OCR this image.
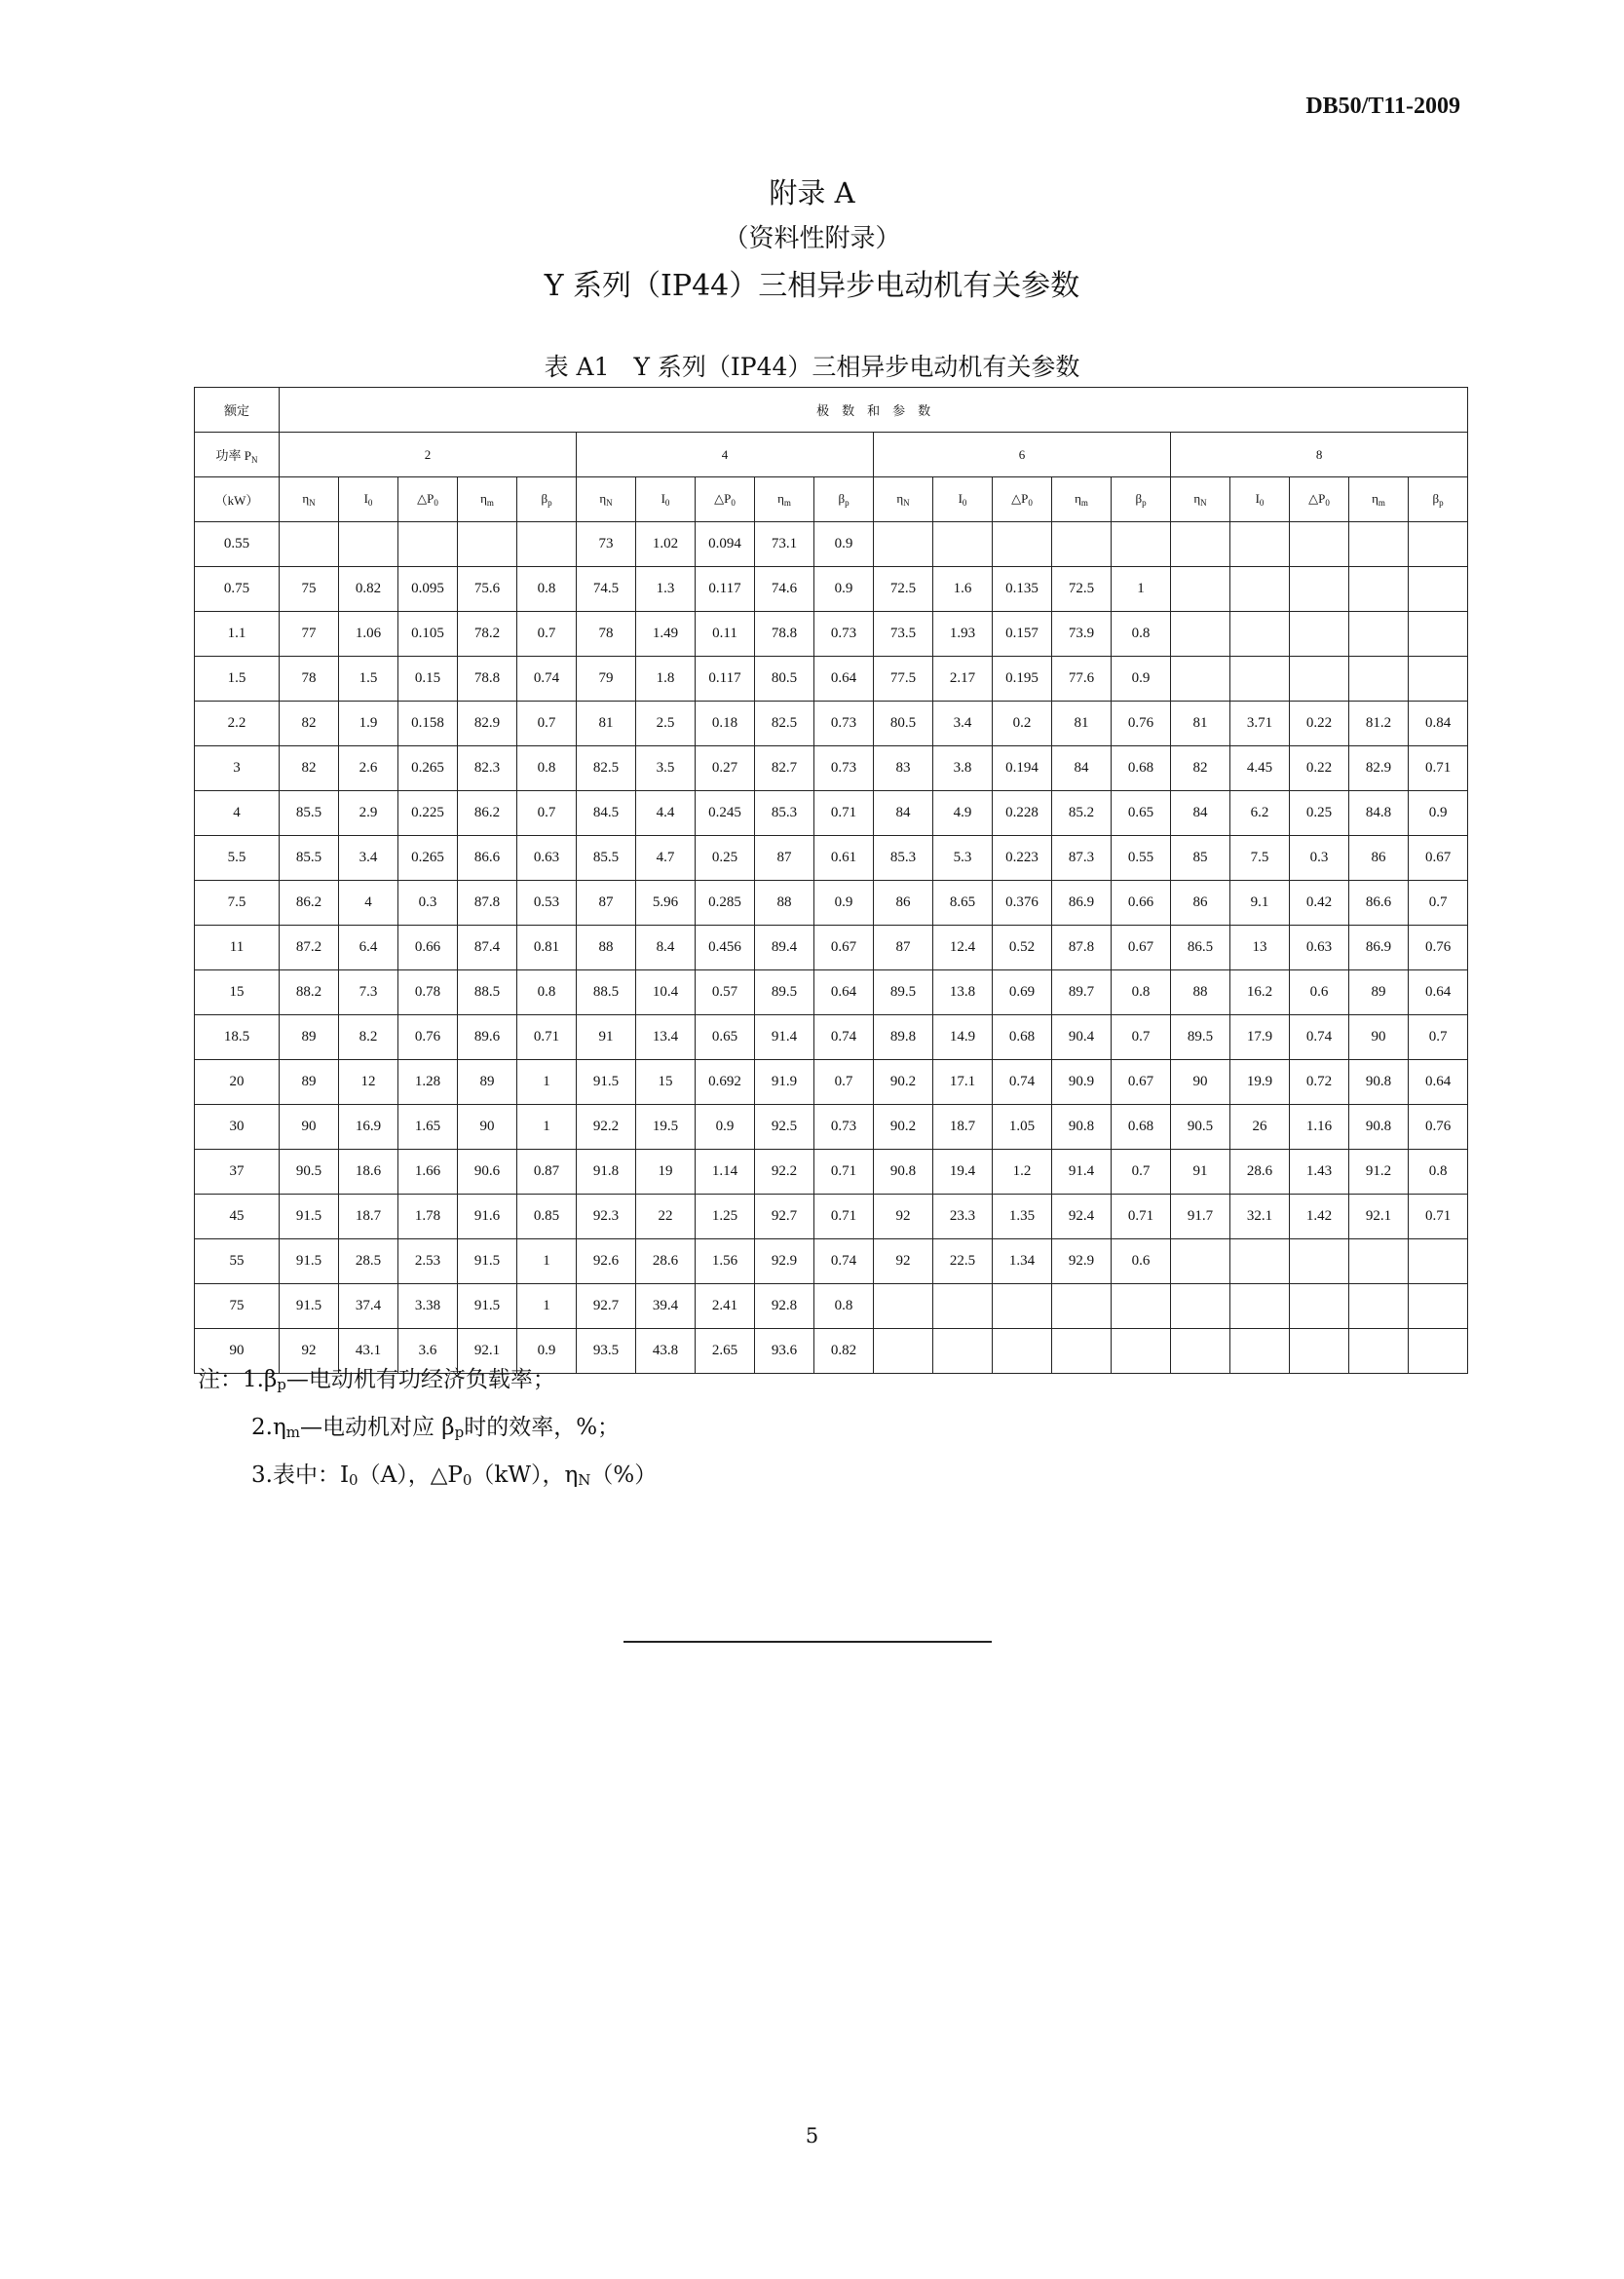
DB50/T11-2009
附录 A
（资料性附录）
Y 系列（IP44）三相异步电动机有关参数
表 A1　Y 系列（IP44）三相异步电动机有关参数
额定	极　数　和　参　数																			
功率 $P_N$	2					4					6					8				
（kW）	$\eta_N$	$I_0$	$\triangle P_0$	$\eta_m$	$\beta_p$	$\eta_N$	$I_0$	$\triangle P_0$	$\eta_m$	$\beta_p$	$\eta_N$	$I_0$	$\triangle P_0$	$\eta_m$	$\beta_p$	$\eta_N$	$I_0$	$\triangle P_0$	$\eta_m$	$\beta_p$
0.55						73	1.02	0.094	73.1	0.9										
0.75	75	0.82	0.095	75.6	0.8	74.5	1.3	0.117	74.6	0.9	72.5	1.6	0.135	72.5	1					
1.1	77	1.06	0.105	78.2	0.7	78	1.49	0.11	78.8	0.73	73.5	1.93	0.157	73.9	0.8					
1.5	78	1.5	0.15	78.8	0.74	79	1.8	0.117	80.5	0.64	77.5	2.17	0.195	77.6	0.9					
2.2	82	1.9	0.158	82.9	0.7	81	2.5	0.18	82.5	0.73	80.5	3.4	0.2	81	0.76	81	3.71	0.22	81.2	0.84
3	82	2.6	0.265	82.3	0.8	82.5	3.5	0.27	82.7	0.73	83	3.8	0.194	84	0.68	82	4.45	0.22	82.9	0.71
4	85.5	2.9	0.225	86.2	0.7	84.5	4.4	0.245	85.3	0.71	84	4.9	0.228	85.2	0.65	84	6.2	0.25	84.8	0.9
5.5	85.5	3.4	0.265	86.6	0.63	85.5	4.7	0.25	87	0.61	85.3	5.3	0.223	87.3	0.55	85	7.5	0.3	86	0.67
7.5	86.2	4	0.3	87.8	0.53	87	5.96	0.285	88	0.9	86	8.65	0.376	86.9	0.66	86	9.1	0.42	86.6	0.7
11	87.2	6.4	0.66	87.4	0.81	88	8.4	0.456	89.4	0.67	87	12.4	0.52	87.8	0.67	86.5	13	0.63	86.9	0.76
15	88.2	7.3	0.78	88.5	0.8	88.5	10.4	0.57	89.5	0.64	89.5	13.8	0.69	89.7	0.8	88	16.2	0.6	89	0.64
18.5	89	8.2	0.76	89.6	0.71	91	13.4	0.65	91.4	0.74	89.8	14.9	0.68	90.4	0.7	89.5	17.9	0.74	90	0.7
20	89	12	1.28	89	1	91.5	15	0.692	91.9	0.7	90.2	17.1	0.74	90.9	0.67	90	19.9	0.72	90.8	0.64
30	90	16.9	1.65	90	1	92.2	19.5	0.9	92.5	0.73	90.2	18.7	1.05	90.8	0.68	90.5	26	1.16	90.8	0.76
37	90.5	18.6	1.66	90.6	0.87	91.8	19	1.14	92.2	0.71	90.8	19.4	1.2	91.4	0.7	91	28.6	1.43	91.2	0.8
45	91.5	18.7	1.78	91.6	0.85	92.3	22	1.25	92.7	0.71	92	23.3	1.35	92.4	0.71	91.7	32.1	1.42	92.1	0.71
55	91.5	28.5	2.53	91.5	1	92.6	28.6	1.56	92.9	0.74	92	22.5	1.34	92.9	0.6					
75	91.5	37.4	3.38	91.5	1	92.7	39.4	2.41	92.8	0.8										
90	92	43.1	3.6	92.1	0.9	93.5	43.8	2.65	93.6	0.82										
注：$1.\beta_p—$电动机有功经济负载率；
$2.\eta_m—$电动机对应 $\beta_p$时的效率，%；
3.表中：$I_0(A)$，$\triangle P_0(kW)$，$\eta_N(\%)$
5
